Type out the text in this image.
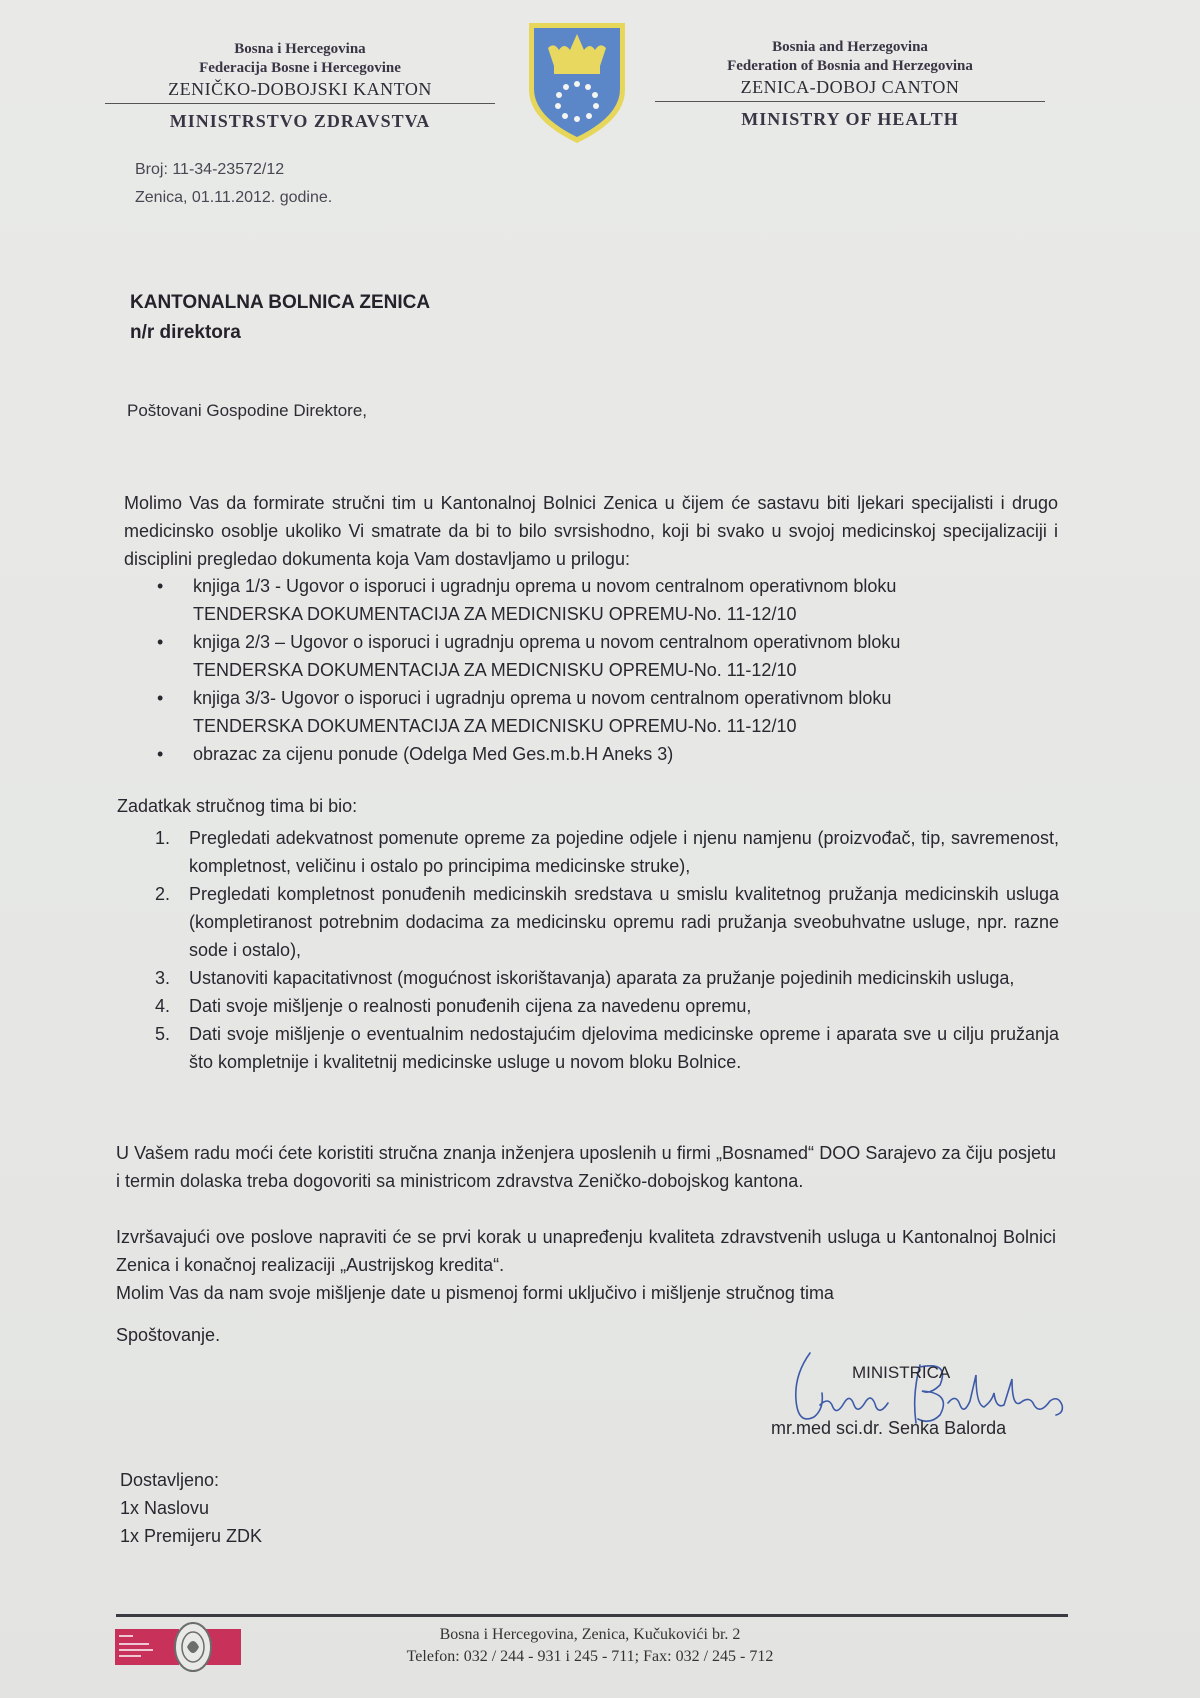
Bosna i Hercegovina
Federacija Bosne i Hercegovine
ZENIČKO-DOBOJSKI KANTON
MINISTRSTVO ZDRAVSTVA
Bosnia and Herzegovina
Federation of Bosnia and Herzegovina
ZENICA-DOBOJ CANTON
MINISTRY OF HEALTH
Broj: 11-34-23572/12
Zenica, 01.11.2012. godine.
KANTONALNA BOLNICA ZENICA
n/r direktora
Poštovani Gospodine Direktore,
Molimo Vas da formirate stručni tim u Kantonalnoj Bolnici Zenica u čijem će sastavu biti ljekari specijalisti i drugo medicinsko osoblje ukoliko Vi smatrate da bi to bilo svrsishodno, koji bi svako u svojoj medicinskoj specijalizaciji i disciplini pregledao dokumenta koja Vam dostavljamo u prilogu:
• knjiga 1/3 - Ugovor o isporuci i ugradnju oprema u novom centralnom operativnom bloku
TENDERSKA DOKUMENTACIJA ZA MEDICNISKU OPREMU-No. 11-12/10
• knjiga 2/3 – Ugovor o isporuci i ugradnju oprema u novom centralnom operativnom bloku
TENDERSKA DOKUMENTACIJA ZA MEDICNISKU OPREMU-No. 11-12/10
• knjiga 3/3- Ugovor o isporuci i ugradnju oprema u novom centralnom operativnom bloku
TENDERSKA DOKUMENTACIJA ZA MEDICNISKU OPREMU-No. 11-12/10
• obrazac za cijenu ponude (Odelga Med Ges.m.b.H Aneks 3)
Zadatkak stručnog tima bi bio:
1. Pregledati adekvatnost pomenute opreme za pojedine odjele i njenu namjenu (proizvođač, tip, savremenost, kompletnost, veličinu i ostalo po principima medicinske struke),
2. Pregledati kompletnost ponuđenih medicinskih sredstava u smislu kvalitetnog pružanja medicinskih usluga (kompletiranost potrebnim dodacima za medicinsku opremu radi pružanja sveobuhvatne usluge, npr. razne sode i ostalo),
3. Ustanoviti kapacitativnost (mogućnost iskorištavanja) aparata za pružanje pojedinih medicinskih usluga,
4. Dati svoje mišljenje o realnosti ponuđenih cijena za navedenu opremu,
5. Dati svoje mišljenje o eventualnim nedostajućim djelovima medicinske opreme i aparata sve u cilju pružanja što kompletnije i kvalitetnij medicinske usluge u novom bloku Bolnice.
U Vašem radu moći ćete koristiti stručna znanja inženjera uposlenih u firmi „Bosnamed“ DOO Sarajevo za čiju posjetu i termin dolaska treba dogovoriti sa ministricom zdravstva Zeničko-dobojskog kantona.
Izvršavajući ove poslove napraviti će se prvi korak u unapređenju kvaliteta zdravstvenih usluga u Kantonalnoj Bolnici Zenica i konačnoj realizaciji „Austrijskog kredita“.
Molim Vas da nam svoje mišljenje date u pismenoj formi uključivo i mišljenje stručnog tima
Spoštovanje.
MINISTRICA
mr.med sci.dr. Senka Balorda
Dostavljeno:
1x Naslovu
1x Premijeru ZDK
Bosna i Hercegovina, Zenica, Kučukovići br. 2
Telefon: 032 / 244 - 931 i 245 - 711; Fax: 032 / 245 - 712
